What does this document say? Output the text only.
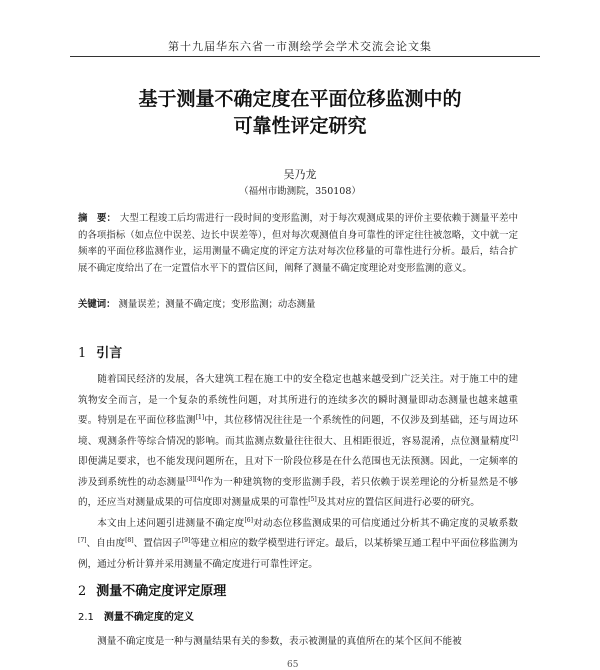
第十九届华东六省一市测绘学会学术交流会论文集
基于测量不确定度在平面位移监测中的
可靠性评定研究
吴乃龙
（福州市勘测院，350108）
摘　要： 大型工程竣工后均需进行一段时间的变形监测，对于每次观测成果的评价主要依赖于测量平差中的各项指标（如点位中误差、边长中误差等），但对每次观测值自身可靠性的评定往往被忽略，文中就一定频率的平面位移监测作业，运用测量不确定度的评定方法对每次位移量的可靠性进行分析。最后，结合扩展不确定度给出了在一定置信水平下的置信区间，阐释了测量不确定度理论对变形监测的意义。
关键词： 测量误差；测量不确定度；变形监测；动态测量
1 引言

随着国民经济的发展，各大建筑工程在施工中的安全稳定也越来越受到广泛关注。对于施工中的建筑物安全而言，是一个复杂的系统性问题，对其所进行的连续多次的瞬时测量即动态测量也越来越重要。特别是在平面位移监测[1]中，其位移情况往往是一个系统性的问题，不仅涉及到基础，还与周边环境、观测条件等综合情况的影响。而其监测点数量往往很大、且相距很近，容易混淆，点位测量精度[2]即便满足要求，也不能发现问题所在，且对下一阶段位移是在什么范围也无法预测。因此，一定频率的涉及到系统性的动态测量[3][4]作为一种建筑物的变形监测手段，若只依赖于误差理论的分析显然是不够的，还应当对测量成果的可信度即对测量成果的可靠性[5]及其对应的置信区间进行必要的研究。

本文由上述问题引进测量不确定度[6]对动态位移监测成果的可信度通过分析其不确定度的灵敏系数[7]、自由度[8]、置信因子[9]等建立相应的数学模型进行评定。最后，以某桥梁互通工程中平面位移监测为例，通过分析计算并采用测量不确定度进行可靠性评定。

2 测量不确定度评定原理
2.1 测量不确定度的定义

测量不确定度是一种与测量结果有关的参数，表示被测量的真值所在的某个区间不能被

65
